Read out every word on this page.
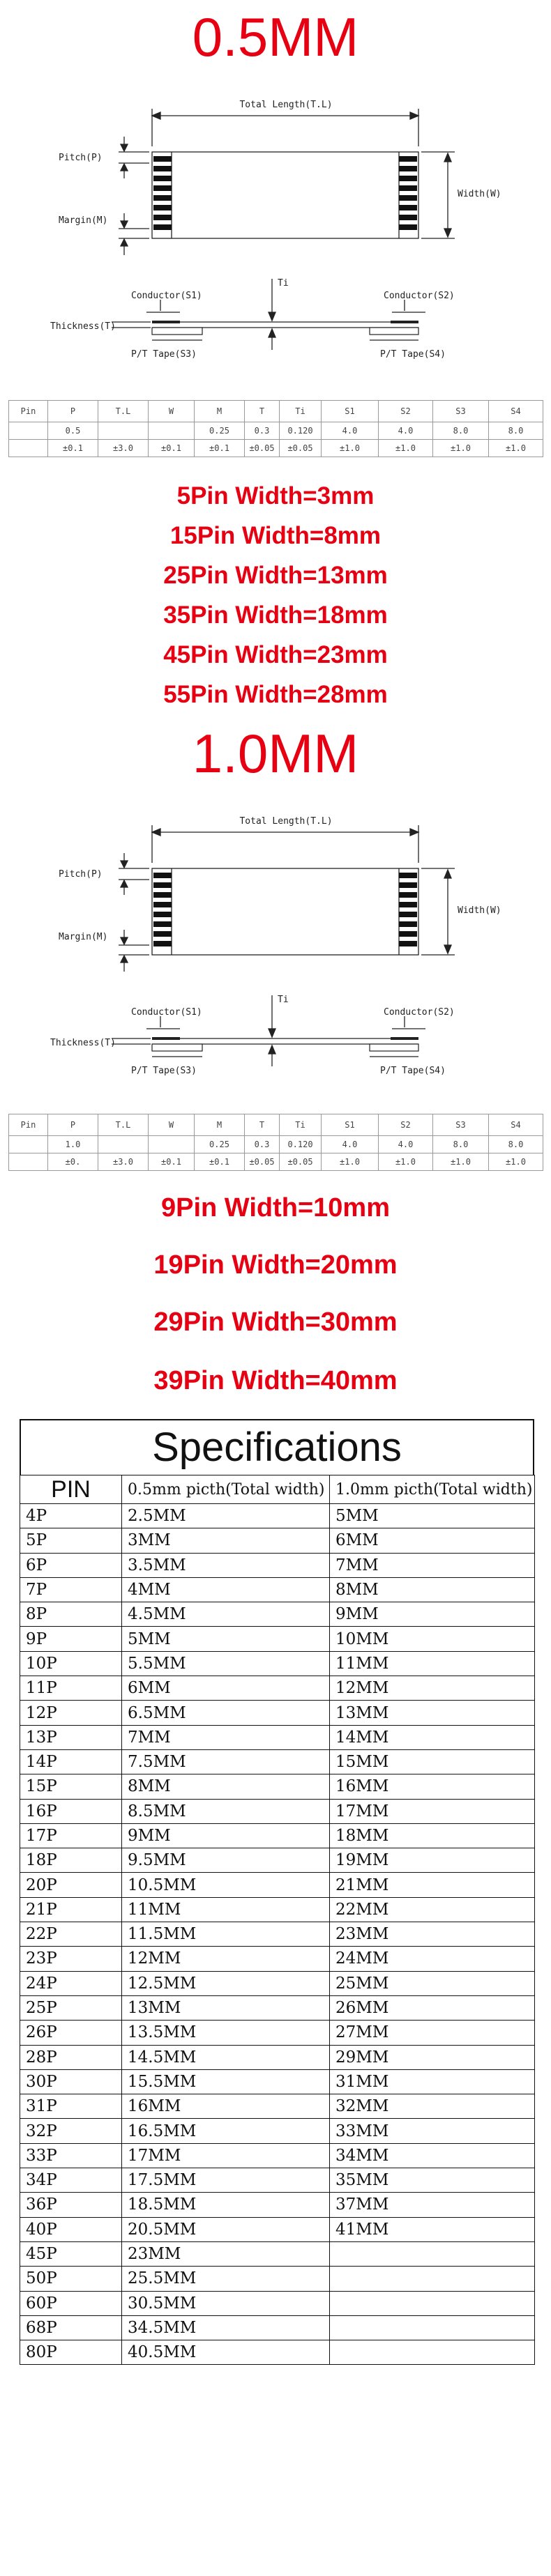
0.5MM
Total Length(T.L)
Pitch(P)
Margin(M)
Width(W)
Conductor(S1)	Conductor(S2)
Ti
Thickness(T)
P/T Tape(S3)	P/T Tape(S4)
Pin	P	T.L	W	M	T	Ti	S1	S2	S3	S4
	0.5			0.25	0.3	0.120	4.0	4.0	8.0	8.0
	±0.1	±3.0	±0.1	±0.1	±0.05	±0.05	±1.0	±1.0	±1.0	±1.0
5Pin Width=3mm
15Pin Width=8mm
25Pin Width=13mm
35Pin Width=18mm
45Pin Width=23mm
55Pin Width=28mm
1.0MM
Total Length(T.L)
Pitch(P)
Margin(M)
Width(W)
Conductor(S1)	Conductor(S2)
Ti
Thickness(T)
P/T Tape(S3)	P/T Tape(S4)
Pin	P	T.L	W	M	T	Ti	S1	S2	S3	S4
	1.0			0.25	0.3	0.120	4.0	4.0	8.0	8.0
	±0.	±3.0	±0.1	±0.1	±0.05	±0.05	±1.0	±1.0	±1.0	±1.0
9Pin Width=10mm
19Pin Width=20mm
29Pin Width=30mm
39Pin Width=40mm
Specifications
PIN	0.5mm picth(Total width)	1.0mm picth(Total width)
4P	2.5MM	5MM
5P	3MM	6MM
6P	3.5MM	7MM
7P	4MM	8MM
8P	4.5MM	9MM
9P	5MM	10MM
10P	5.5MM	11MM
11P	6MM	12MM
12P	6.5MM	13MM
13P	7MM	14MM
14P	7.5MM	15MM
15P	8MM	16MM
16P	8.5MM	17MM
17P	9MM	18MM
18P	9.5MM	19MM
20P	10.5MM	21MM
21P	11MM	22MM
22P	11.5MM	23MM
23P	12MM	24MM
24P	12.5MM	25MM
25P	13MM	26MM
26P	13.5MM	27MM
28P	14.5MM	29MM
30P	15.5MM	31MM
31P	16MM	32MM
32P	16.5MM	33MM
33P	17MM	34MM
34P	17.5MM	35MM
36P	18.5MM	37MM
40P	20.5MM	41MM
45P	23MM	
50P	25.5MM	
60P	30.5MM	
68P	34.5MM	
80P	40.5MM	
